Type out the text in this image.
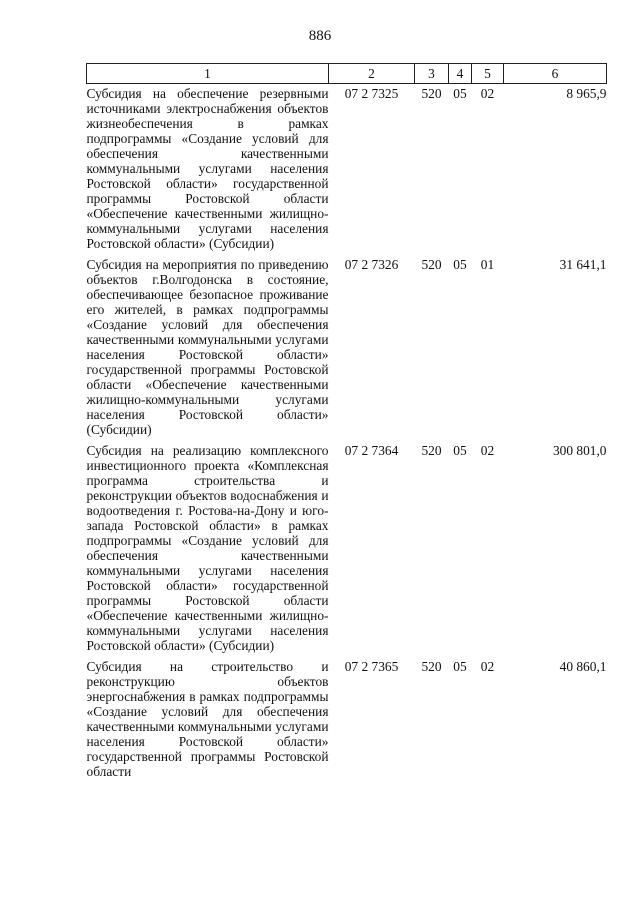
886
1	2	3	4	5	6
Субсидия на обеспечение резервными источниками электроснабжения объектов жизнеобеспечения в рамках подпрограммы «Создание условий для обеспечения качественными коммунальными услугами населения Ростовской области» государственной программы Ростовской области «Обеспечение качественными жилищно-коммунальными услугами населения Ростовской области» (Субсидии)	07 2 7325	520	05	02	8 965,9
Субсидия на мероприятия по приведению объектов г.Волгодонска в состояние, обеспечивающее безопасное проживание его жителей, в рамках подпрограммы «Создание условий для обеспечения качественными коммунальными услугами населения Ростовской области» государственной программы Ростовской области «Обеспечение качественными жилищно-коммунальными услугами населения Ростовской области» (Субсидии)	07 2 7326	520	05	01	31 641,1
Субсидия на реализацию комплексного инвестиционного проекта «Комплексная программа строительства и реконструкции объектов водоснабжения и водоотведения г. Ростова-на-Дону и юго-запада Ростовской области» в рамках подпрограммы «Создание условий для обеспечения качественными коммунальными услугами населения Ростовской области» государственной программы Ростовской области «Обеспечение качественными жилищно-коммунальными услугами населения Ростовской области» (Субсидии)	07 2 7364	520	05	02	300 801,0
Субсидия на строительство и реконструкцию объектов энергоснабжения в рамках подпрограммы «Создание условий для обеспечения качественными коммунальными услугами населения Ростовской области» государственной программы Ростовской области	07 2 7365	520	05	02	40 860,1
